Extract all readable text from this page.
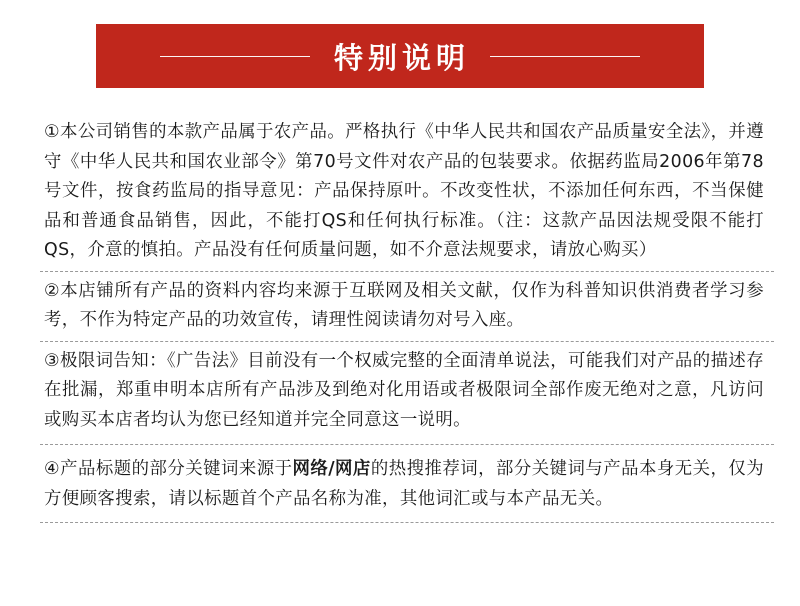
特别说明
①本公司销售的本款产品属于农产品。严格执行《中华人民共和国农产品质量安全法》，并遵守《中华人民共和国农业部令》第70号文件对农产品的包装要求。依据药监局2006年第78号文件，按食药监局的指导意见：产品保持原叶。不改变性状，不添加任何东西，不当保健品和普通食品销售，因此，不能打QS和任何执行标准。（注：这款产品因法规受限不能打QS，介意的慎拍。产品没有任何质量问题，如不介意法规要求，请放心购买）
②本店铺所有产品的资料内容均来源于互联网及相关文献，仅作为科普知识供消费者学习参考，不作为特定产品的功效宣传，请理性阅读请勿对号入座。
③极限词告知：《广告法》目前没有一个权威完整的全面清单说法，可能我们对产品的描述存在批漏，郑重申明本店所有产品涉及到绝对化用语或者极限词全部作废无绝对之意，凡访问或购买本店者均认为您已经知道并完全同意这一说明。
④产品标题的部分关键词来源于网络/网店的热搜推荐词，部分关键词与产品本身无关，仅为方便顾客搜索，请以标题首个产品名称为准，其他词汇或与本产品无关。
